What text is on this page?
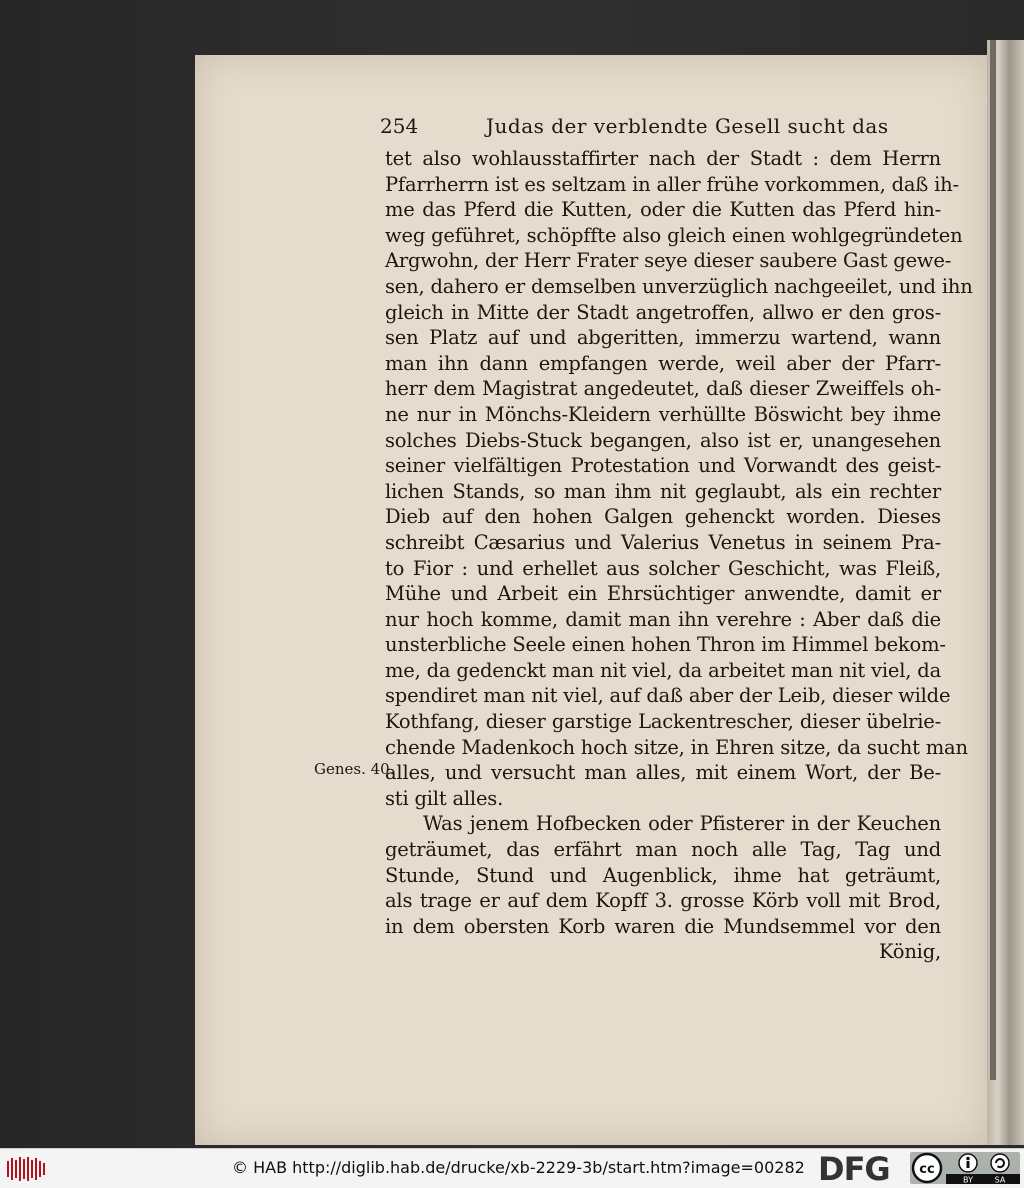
254	Judas der verblendte Gesell sucht das
Genes. 40.
tet also wohlausstaffirter nach der Stadt : dem Herrn
Pfarrherrn ist es seltzam in aller frühe vorkommen, daß ih-
me das Pferd die Kutten, oder die Kutten das Pferd hin-
weg geführet, schöpffte also gleich einen wohlgegründeten
Argwohn, der Herr Frater seye dieser saubere Gast gewe-
sen, dahero er demselben unverzüglich nachgeeilet, und ihn
gleich in Mitte der Stadt angetroffen, allwo er den gros-
sen Platz auf und abgeritten, immerzu wartend, wann
man ihn dann empfangen werde, weil aber der Pfarr-
herr dem Magistrat angedeutet, daß dieser Zweiffels oh-
ne nur in Mönchs-Kleidern verhüllte Böswicht bey ihme
solches Diebs-Stuck begangen, also ist er, unangesehen
seiner vielfältigen Protestation und Vorwandt des geist-
lichen Stands, so man ihm nit geglaubt, als ein rechter
Dieb auf den hohen Galgen gehenckt worden. Dieses
schreibt Cæsarius und Valerius Venetus in seinem Pra-
to Fior : und erhellet aus solcher Geschicht, was Fleiß,
Mühe und Arbeit ein Ehrsüchtiger anwendte, damit er
nur hoch komme, damit man ihn verehre : Aber daß die
unsterbliche Seele einen hohen Thron im Himmel bekom-
me, da gedenckt man nit viel, da arbeitet man nit viel, da
spendiret man nit viel, auf daß aber der Leib, dieser wilde
Kothfang, dieser garstige Lackentrescher, dieser übelrie-
chende Madenkoch hoch sitze, in Ehren sitze, da sucht man
alles, und versucht man alles, mit einem Wort, der Be-
sti gilt alles.
Was jenem Hofbecken oder Pfisterer in der Keuchen
geträumet, das erfährt man noch alle Tag, Tag und
Stunde, Stund und Augenblick, ihme hat geträumt,
als trage er auf dem Kopff 3. grosse Körb voll mit Brod,
in dem obersten Korb waren die Mundsemmel vor den
König,
© HAB http://diglib.hab.de/drucke/xb-2229-3b/start.htm?image=00282 DFG cc
BY	SA
